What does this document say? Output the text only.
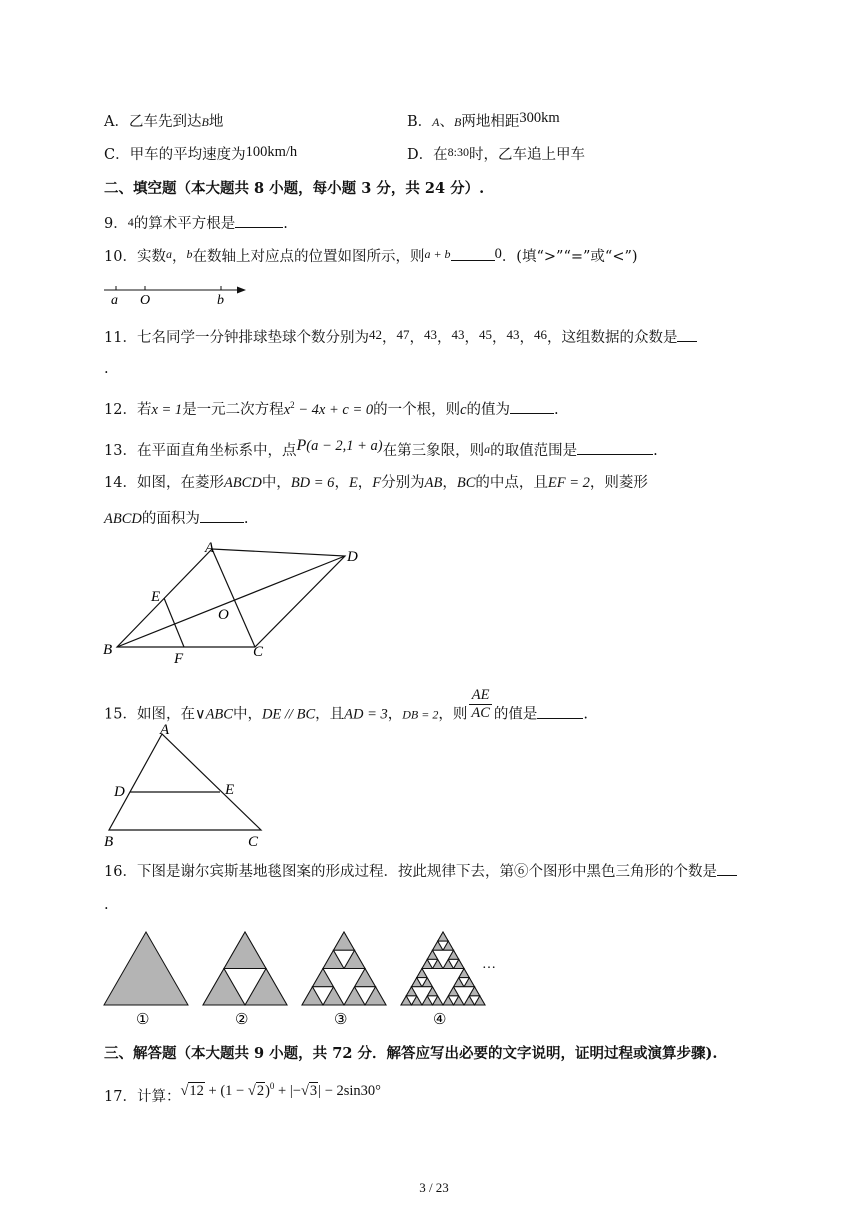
A．乙车先到达B地	B．A、B两地相距300km
C．甲车的平均速度为100km/h	D．在$^{8:30}$时，乙车追上甲车
二、填空题（本大题共 8 小题，每小题 3 分，共 24 分）.
9．4的算术平方根是	.
10．实数$^a$，$^b$在数轴上对应点的位置如图所示，则$^{a + b}$	0．(填“>”“=”或“<”)
a O	b
11．七名同学一分钟排球垫球个数分别为42，47，43，43，45，43，46，这组数据的众数是
.
12．若x = 1是一元二次方程$x^2 - 4x + c = 0$的一个根，则c的值为	.
13．在平面直角坐标系中，点P(a − 2,1 + a)在第三象限，则a的取值范围是	.
14．如图，在菱形ABCD中，BD = 6，E，F分别为AB，BC的中点，且EF = 2，则菱形
ABCD的面积为	.
A
D
B	C
E
F
O
15．如图，在∨ABC中，DE // BC，且AD = 3，DB = 2，则 $\frac{AE}{AC}$ 的值是	.
A
B	C
D	E
16．下图是谢尔宾斯基地毯图案的形成过程．按此规律下去，第⑥个图形中黑色三角形的个数是
.
…
①	②	③	④
三、解答题（本大题共 9 小题，共 72 分．解答应写出必要的文字说明，证明过程或演算步骤).
17．计算：$√12 + (1 - √2)^0 + |-√3| - 2\sin 30^\circ$
3 / 23
